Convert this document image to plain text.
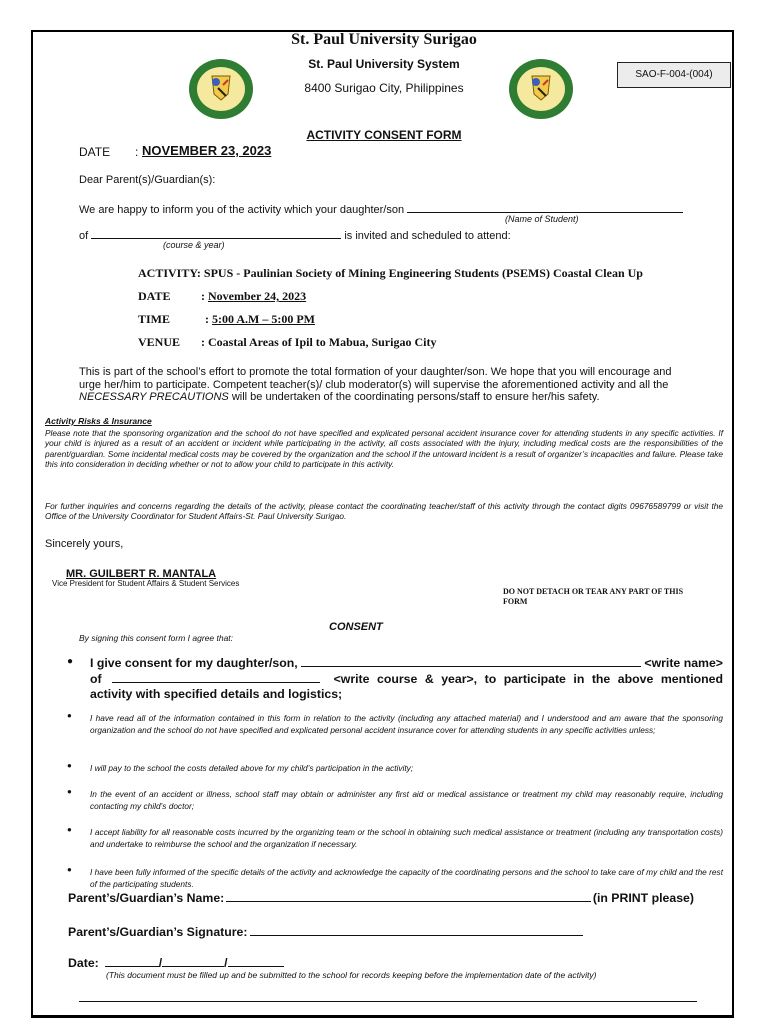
St. Paul University Surigao
St. Paul University System
8400 Surigao City, Philippines
SAO-F-004-(004)
ACTIVITY CONSENT FORM
DATE : NOVEMBER 23, 2023
Dear Parent(s)/Guardian(s):
We are happy to inform you of the activity which your daughter/son
(Name of Student)
of	is invited and scheduled to attend:
(course & year)
ACTIVITY: SPUS - Paulinian Society of Mining Engineering Students (PSEMS) Coastal Clean Up
DATE	: November 24, 2023
TIME	: 5:00 A.M – 5:00 PM
VENUE : Coastal Areas of Ipil to Mabua, Surigao City
This is part of the school’s effort to promote the total formation of your daughter/son. We hope that you will encourage and
urge her/him to participate. Competent teacher(s)/ club moderator(s) will supervise the aforementioned activity and all the
NECESSARY PRECAUTIONS will be undertaken of the coordinating persons/staff to ensure her/his safety.
Activity Risks & Insurance
Please note that the sponsoring organization and the school do not have specified and explicated personal accident insurance cover for attending students in any specific activities. If your child is injured as a result of an accident or incident while participating in the activity, all costs associated with the injury, including medical costs are the responsibilities of the parent/guardian. Some incidental medical costs may be covered by the organization and the school if the untoward incident is a result of organizer’s incapacities and failure. Please take this into consideration in deciding whether or not to allow your child to participate in this activity.
For further inquiries and concerns regarding the details of the activity, please contact the coordinating teacher/staff of this activity through the contact digits 09676589799 or visit the Office of the University Coordinator for Student Affairs-St. Paul University Surigao.
Sincerely yours,
MR. GUILBERT R. MANTALA
Vice President for Student Affairs & Student Services
DO NOT DETACH OR TEAR ANY PART OF THIS
FORM
CONSENT
By signing this consent form I agree that:
● I give consent for my daughter/son,	<write name>
of	<write course & year>, to participate in the above mentioned
activity with specified details and logistics;
● I have read all of the information contained in this form in relation to the activity (including any attached material) and I understood and am aware that the sponsoring organization and the school do not have specified and explicated personal accident insurance cover for attending students in any specific activities unless;
● I will pay to the school the costs detailed above for my child’s participation in the activity;
● In the event of an accident or illness, school staff may obtain or administer any first aid or medical assistance or treatment my child may reasonably require, including contacting my child’s doctor;
● I accept liability for all reasonable costs incurred by the organizing team or the school in obtaining such medical assistance or treatment (including any transportation costs) and undertake to reimburse the school and the organization if necessary.
● I have been fully informed of the specific details of the activity and acknowledge the capacity of the coordinating persons and the school to take care of my child and the rest of the participating students.
Parent’s/Guardian’s Name:	(in PRINT please)
Parent’s/Guardian’s Signature:
Date:	/	/
(This document must be filled up and be submitted to the school for records keeping before the implementation date of the activity)
